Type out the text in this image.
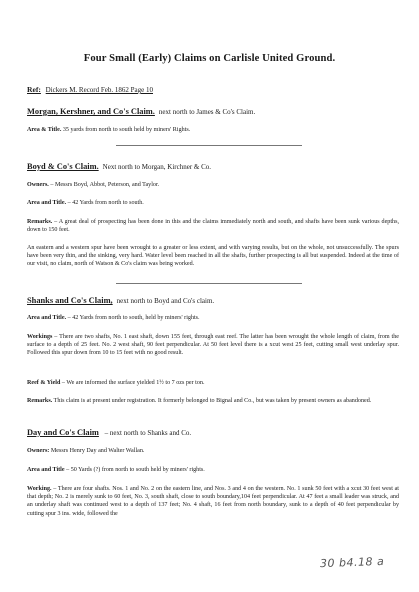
Four Small (Early) Claims on Carlisle United Ground.
Ref: Dickers M. Record Feb. 1862 Page 10
Morgan, Kershner, and Co's Claim. next north to James & Co's Claim.
Area & Title. 35 yards from north to south held by miners' Rights.
Boyd & Co's Claim. Next north to Morgan, Kirchner & Co.
Owners. – Messrs Boyd, Abbot, Peterson, and Taylor.
Area and Title. – 42 Yards from north to south.
Remarks. – A great deal of prospecting has been done in this and the claims immediately north and south, and shafts have been sunk various depths, down to 150 feet.
An eastern and a western spur have been wrought to a greater or less extent, and with varying results, but on the whole, not unsuccessfully. The spurs have been very thin, and the sinking, very hard. Water level been reached in all the shafts, further prospecting is all but suspended. Indeed at the time of our visit, no claim, north of Watson & Co's claim was being worked.
Shanks and Co's Claim, next north to Boyd and Co's claim.
Area and Title. – 42 Yards from north to south, held by miners' rights.
Workings – There are two shafts, No. 1 east shaft, down 155 feet, through east reef. The latter has been wrought the whole length of claim, from the surface to a depth of 25 feet. No. 2 west shaft, 90 feet perpendicular. At 50 feet level there is a xcut west 25 feet, cutting small west underlay spur. Followed this spur down from 10 to 15 feet with no good result.
Reef & Yield – We are informed the surface yielded 1½ to 7 ozs per ton.
Remarks. This claim is at present under registration. It formerly belonged to Bignal and Co., but was taken by present owners as abandoned.
Day and Co's Claim – next north to Shanks and Co.
Owners: Messrs Henry Day and Walter Wallan.
Area and Title – 50 Yards (?) from north to south held by miners' rights.
Working. – There are four shafts. Nos. 1 and No. 2 on the eastern line, and Nos. 3 and 4 on the western. No. 1 sunk 50 feet with a xcut 30 feet west at that depth; No. 2 is merely sunk to 60 feet, No. 3, south shaft, close to south boundary,104 feet perpendicular. At 47 feet a small leader was struck, and an underlay shaft was continued west to a depth of 137 feet; No. 4 shaft, 16 feet from north boundary, sunk to a depth of 40 feet perpendicular by cutting spur 3 ins. wide, followed the
30 b4.18 a
